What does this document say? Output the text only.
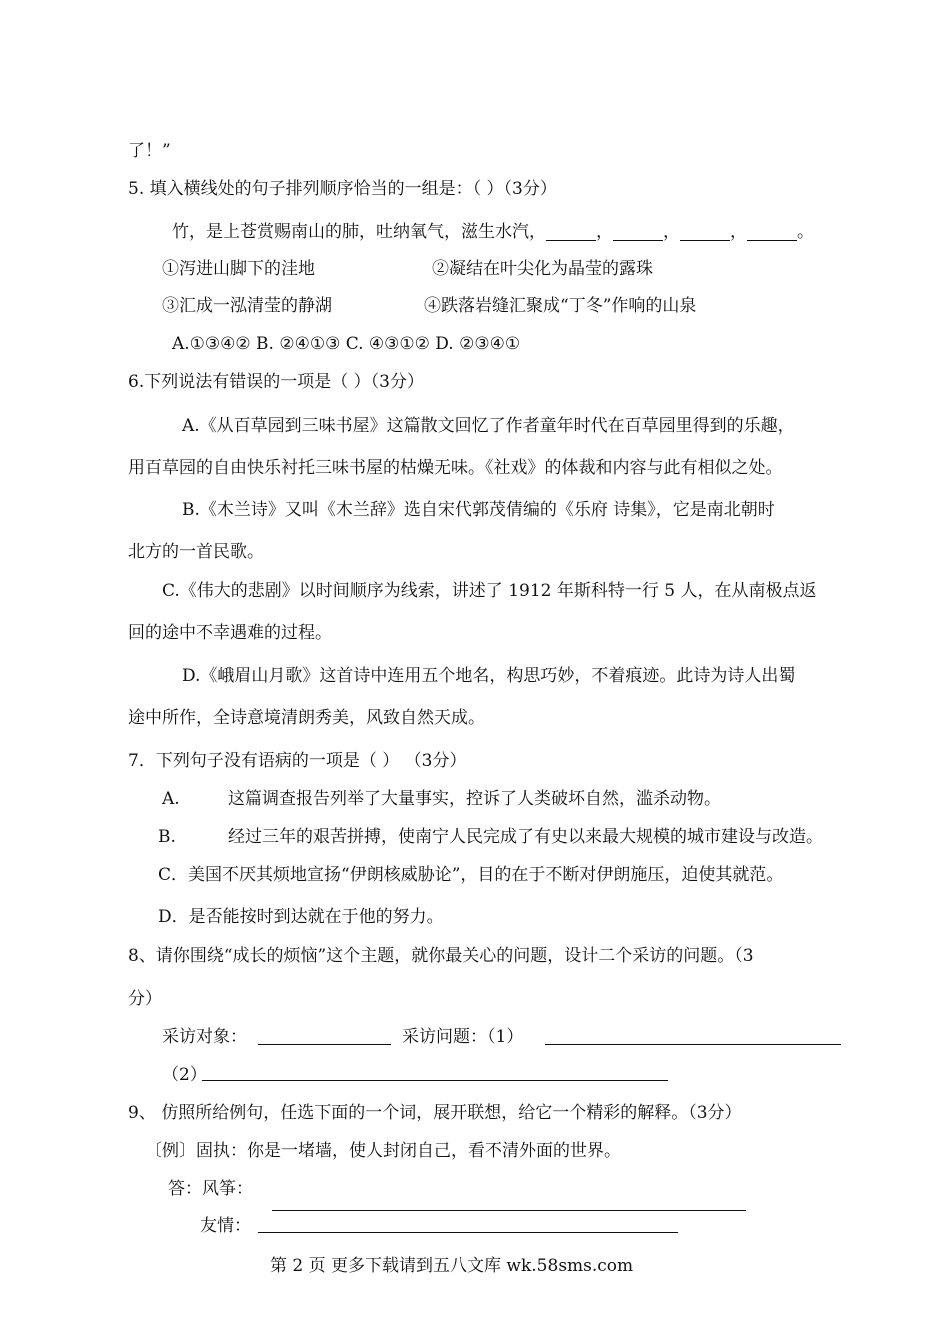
了！”
5. 填入横线处的句子排列顺序恰当的一组是：（ ）（3分）
竹，是上苍赏赐南山的肺，吐纳氧气，滋生水汽，	，	，	，	。
①泻进山脚下的洼地	②凝结在叶尖化为晶莹的露珠
③汇成一泓清莹的静湖	④跌落岩缝汇聚成“丁冬”作响的山泉
A.①③④② B. ②④①③ C. ④③①② D. ②③④①
6.下列说法有错误的一项是（ ）（3分）
A.《从百草园到三味书屋》这篇散文回忆了作者童年时代在百草园里得到的乐趣，
用百草园的自由快乐衬托三味书屋的枯燥无味。《社戏》的体裁和内容与此有相似之处。
B.《木兰诗》又叫《木兰辞》选自宋代郭茂倩编的《乐府 诗集》，它是南北朝时
北方的一首民歌。
C.《伟大的悲剧》以时间顺序为线索，讲述了 1912 年斯科特一行 5 人，在从南极点返
回的途中不幸遇难的过程。
D.《峨眉山月歌》这首诗中连用五个地名，构思巧妙，不着痕迹。此诗为诗人出蜀
途中所作，全诗意境清朗秀美，风致自然天成。
7．下列句子没有语病的一项是（ ） （3分）
A.	这篇调查报告列举了大量事实，控诉了人类破坏自然，滥杀动物。
B.	经过三年的艰苦拼搏，使南宁人民完成了有史以来最大规模的城市建设与改造。
C．美国不厌其烦地宣扬“伊朗核威胁论”，目的在于不断对伊朗施压，迫使其就范。
D．是否能按时到达就在于他的努力。
8、请你围绕“成长的烦恼”这个主题，就你最关心的问题，设计二个采访的问题。（3
分）
采访对象：	采访问题：（1）
（2）
9、 仿照所给例句，任选下面的一个词，展开联想，给它一个精彩的解释。（3分）
〔例〕固执：你是一堵墙，使人封闭自己，看不清外面的世界。
答：风筝：
友情：
第 2 页 更多下载请到五八文库 wk.58sms.com
